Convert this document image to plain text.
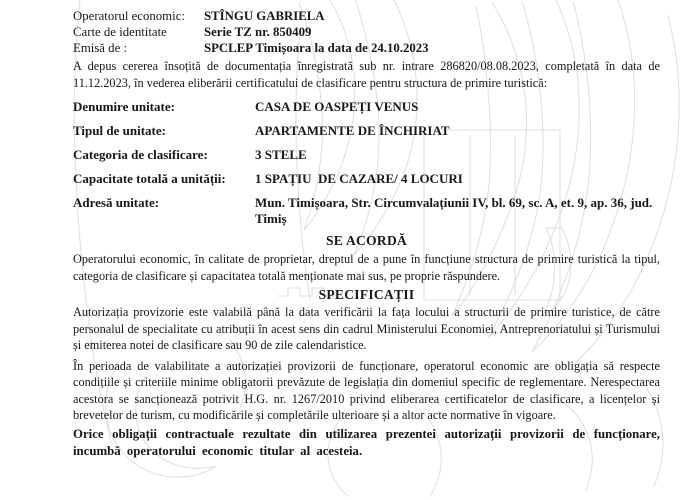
Operatorul economic:	STÎNGU GABRIELA
Carte de identitate	Serie TZ nr. 850409
Emisă de :	SPCLEP Timișoara la data de 24.10.2023

A depus cererea însoțită de documentația înregistrată sub nr. intrare 286820/08.08.2023, completată în data de 11.12.2023, în vederea eliberării certificatului de clasificare pentru structura de primire turistică:

Denumire unitate:	CASA DE OASPEȚI VENUS
Tipul de unitate:	APARTAMENTE DE ÎNCHIRIAT
Categoria de clasificare:	3 STELE
Capacitate totală a unității:	1 SPAȚIU  DE CAZARE/ 4 LOCURI
Adresă unitate:	Mun. Timișoara, Str. Circumvalațiunii IV, bl. 69, sc. A, et. 9, ap. 36, jud. Timiș
SE ACORDĂ

Operatorului economic, în calitate de proprietar, dreptul de a pune în funcțiune structura de primire turistică la tipul, categoria de clasificare și capacitatea totală menționate mai sus, pe proprie răspundere.

SPECIFICAȚII

Autorizația provizorie este valabilă până la data verificării la fața locului a structurii de primire turistice, de către personalul de specialitate cu atribuții în acest sens din cadrul Ministerului Economiei, Antreprenoriatului și Turismului și emiterea notei de clasificare sau 90 de zile calendaristice.

În perioada de valabilitate a autorizației provizorii de funcționare, operatorul economic are obligația să respecte condițiile și criteriile minime obligatorii prevăzute de legislația din domeniul specific de reglementare. Nerespectarea acestora se sancționează potrivit H.G. nr. 1267/2010 privind eliberarea certificatelor de clasificare, a licențelor și brevetelor de turism, cu modificările și completările ulterioare și a altor acte normative în vigoare.

Orice obligații contractuale rezultate din utilizarea prezentei autorizații provizorii de funcționare, incumbă operatorului economic titular al acesteia.
